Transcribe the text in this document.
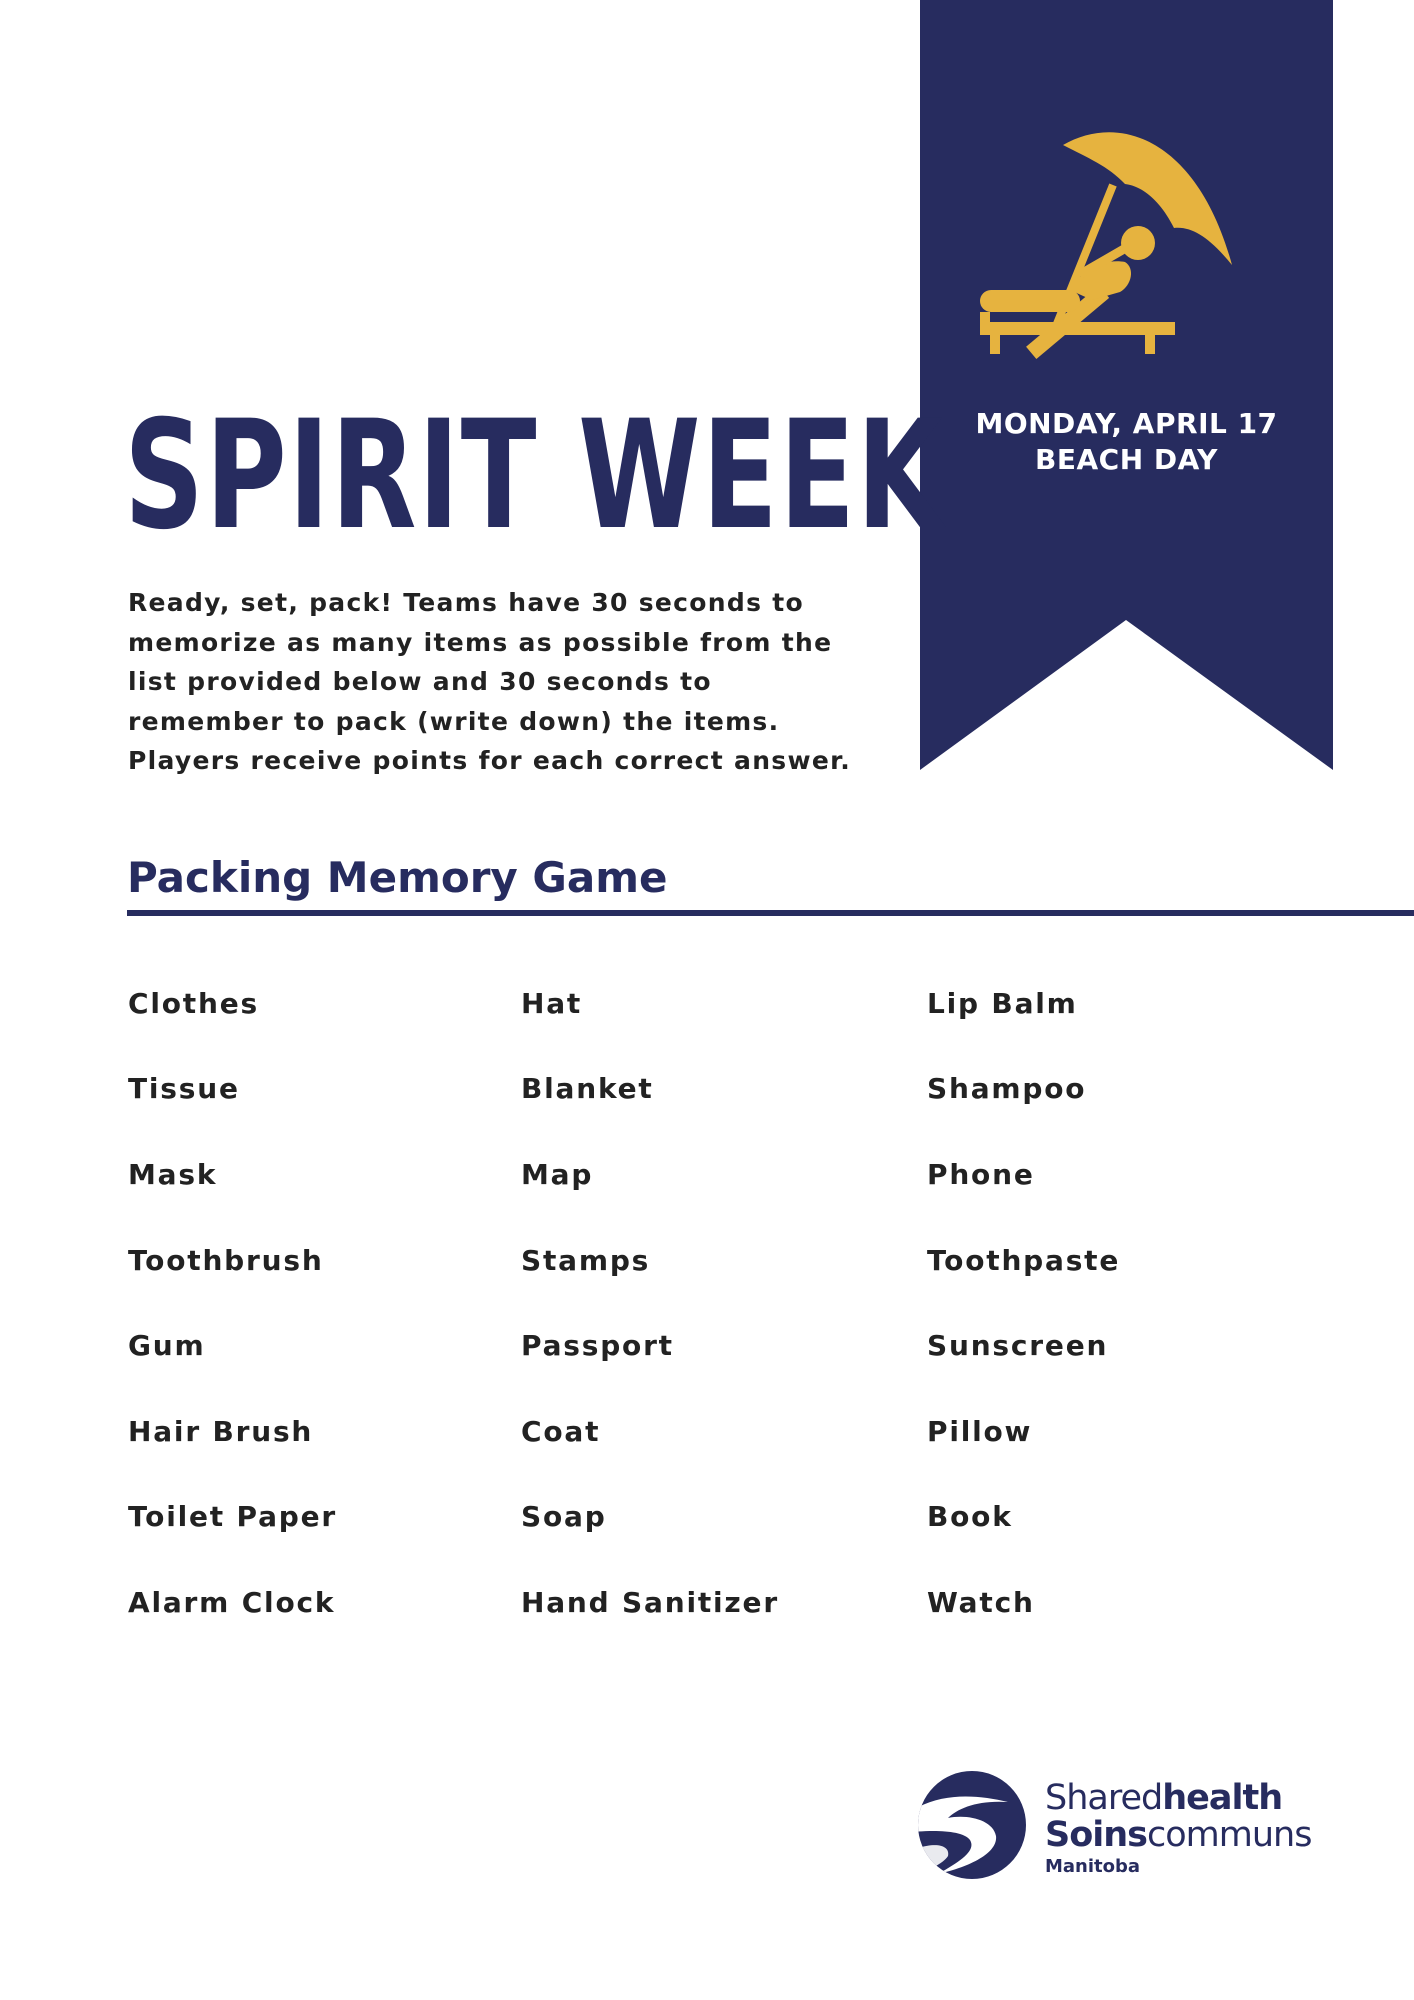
MONDAY, APRIL 17
BEACH DAY
SPIRIT WEEK

Ready, set, pack! Teams have 30 seconds to memorize as many items as possible from the list provided below and 30 seconds to remember to pack (write down) the items. Players receive points for each correct answer.

Packing Memory Game
Clothes
Tissue
Mask
Toothbrush
Gum
Hair Brush
Toilet Paper
Alarm Clock
Hat
Blanket
Map
Stamps
Passport
Coat
Soap
Hand Sanitizer
Lip Balm
Shampoo
Phone
Toothpaste
Sunscreen
Pillow
Book
Watch
Sharedhealth
Soinscommuns
Manitoba
